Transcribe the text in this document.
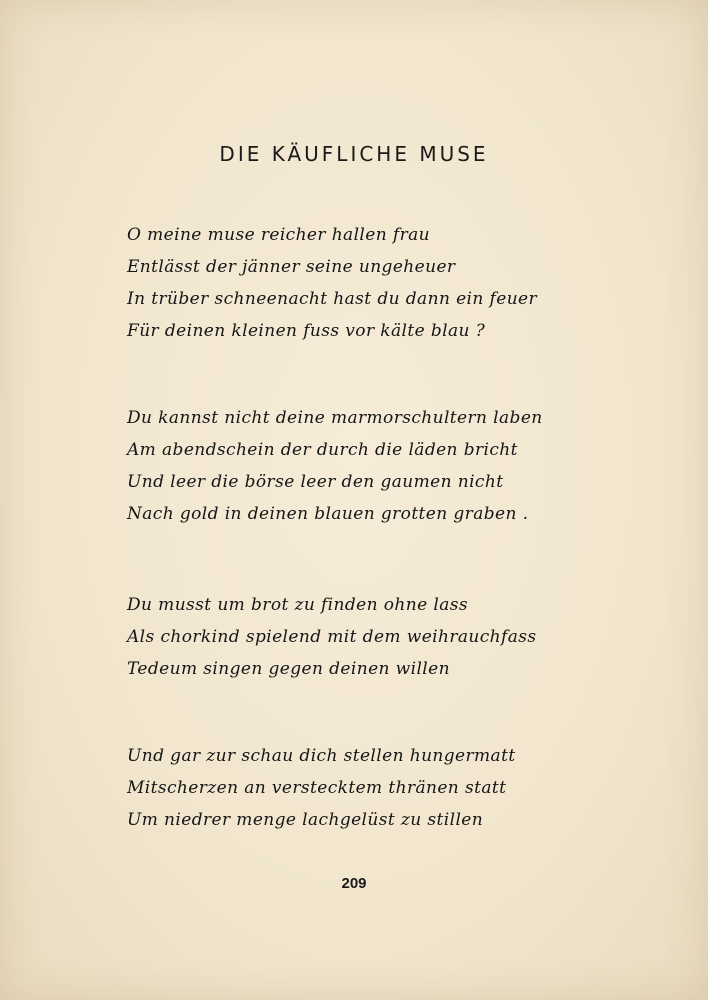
DIE KÄUFLICHE MUSE
O meine muse reicher hallen frau
Entlässt der jänner seine ungeheuer
In trüber schneenacht hast du dann ein feuer
Für deinen kleinen fuss vor kälte blau ?
Du kannst nicht deine marmorschultern laben
Am abendschein der durch die läden bricht
Und leer die börse leer den gaumen nicht
Nach gold in deinen blauen grotten graben .
Du musst um brot zu finden ohne lass
Als chorkind spielend mit dem weihrauchfass
Tedeum singen gegen deinen willen
Und gar zur schau dich stellen hungermatt
Mitscherzen an verstecktem thränen statt
Um niedrer menge lachgelüst zu stillen
209
